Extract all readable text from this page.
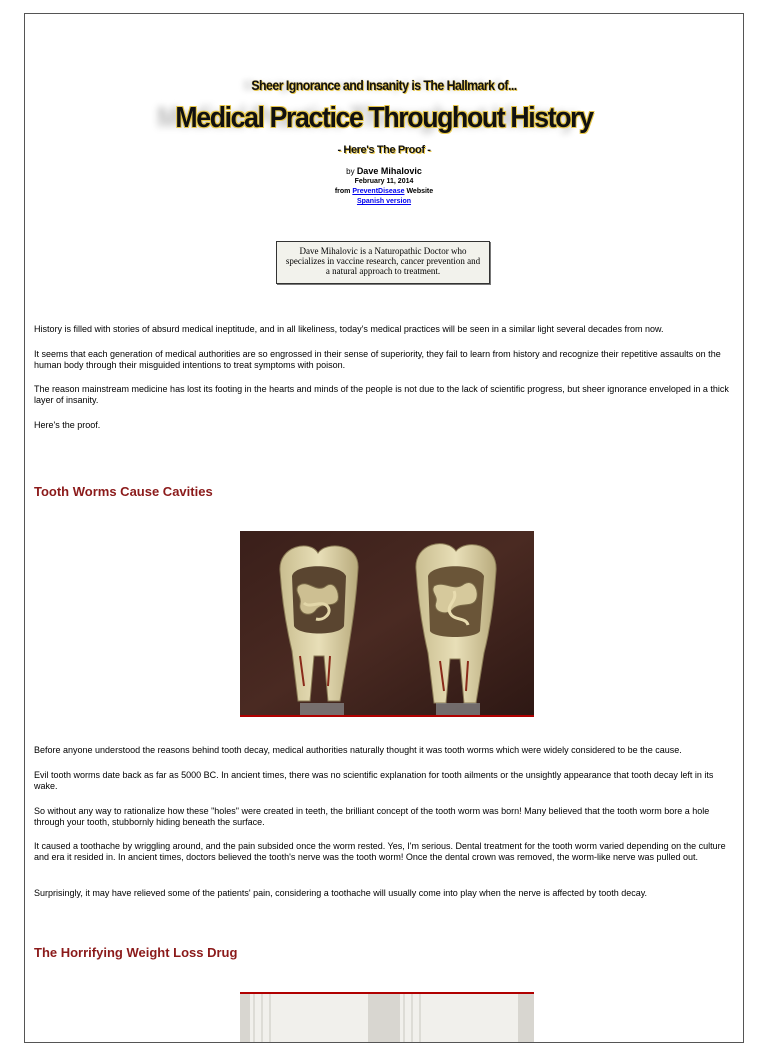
Sheer Ignorance and Insanity is The Hallmark of...
Medical Practice Throughout History
- Here's The Proof -
by Dave Mihalovic
February 11, 2014
from PreventDisease Website
Spanish version
Dave Mihalovic is a Naturopathic Doctor who specializes in vaccine research, cancer prevention and a natural approach to treatment.
History is filled with stories of absurd medical ineptitude, and in all likeliness, today's medical practices will be seen in a similar light several decades from now.
It seems that each generation of medical authorities are so engrossed in their sense of superiority, they fail to learn from history and recognize their repetitive assaults on the human body through their misguided intentions to treat symptoms with poison.
The reason mainstream medicine has lost its footing in the hearts and minds of the people is not due to the lack of scientific progress, but sheer ignorance enveloped in a thick layer of insanity.
Here's the proof.
Tooth Worms Cause Cavities
Before anyone understood the reasons behind tooth decay, medical authorities naturally thought it was tooth worms which were widely considered to be the cause.
Evil tooth worms date back as far as 5000 BC. In ancient times, there was no scientific explanation for tooth ailments or the unsightly appearance that tooth decay left in its wake.
So without any way to rationalize how these "holes" were created in teeth, the brilliant concept of the tooth worm was born! Many believed that the tooth worm bore a hole through your tooth, stubbornly hiding beneath the surface.
It caused a toothache by wriggling around, and the pain subsided once the worm rested. Yes, I'm serious. Dental treatment for the tooth worm varied depending on the culture and era it resided in. In ancient times, doctors believed the tooth's nerve was the tooth worm! Once the dental crown was removed, the worm-like nerve was pulled out.
Surprisingly, it may have relieved some of the patients' pain, considering a toothache will usually come into play when the nerve is affected by tooth decay.
The Horrifying Weight Loss Drug
